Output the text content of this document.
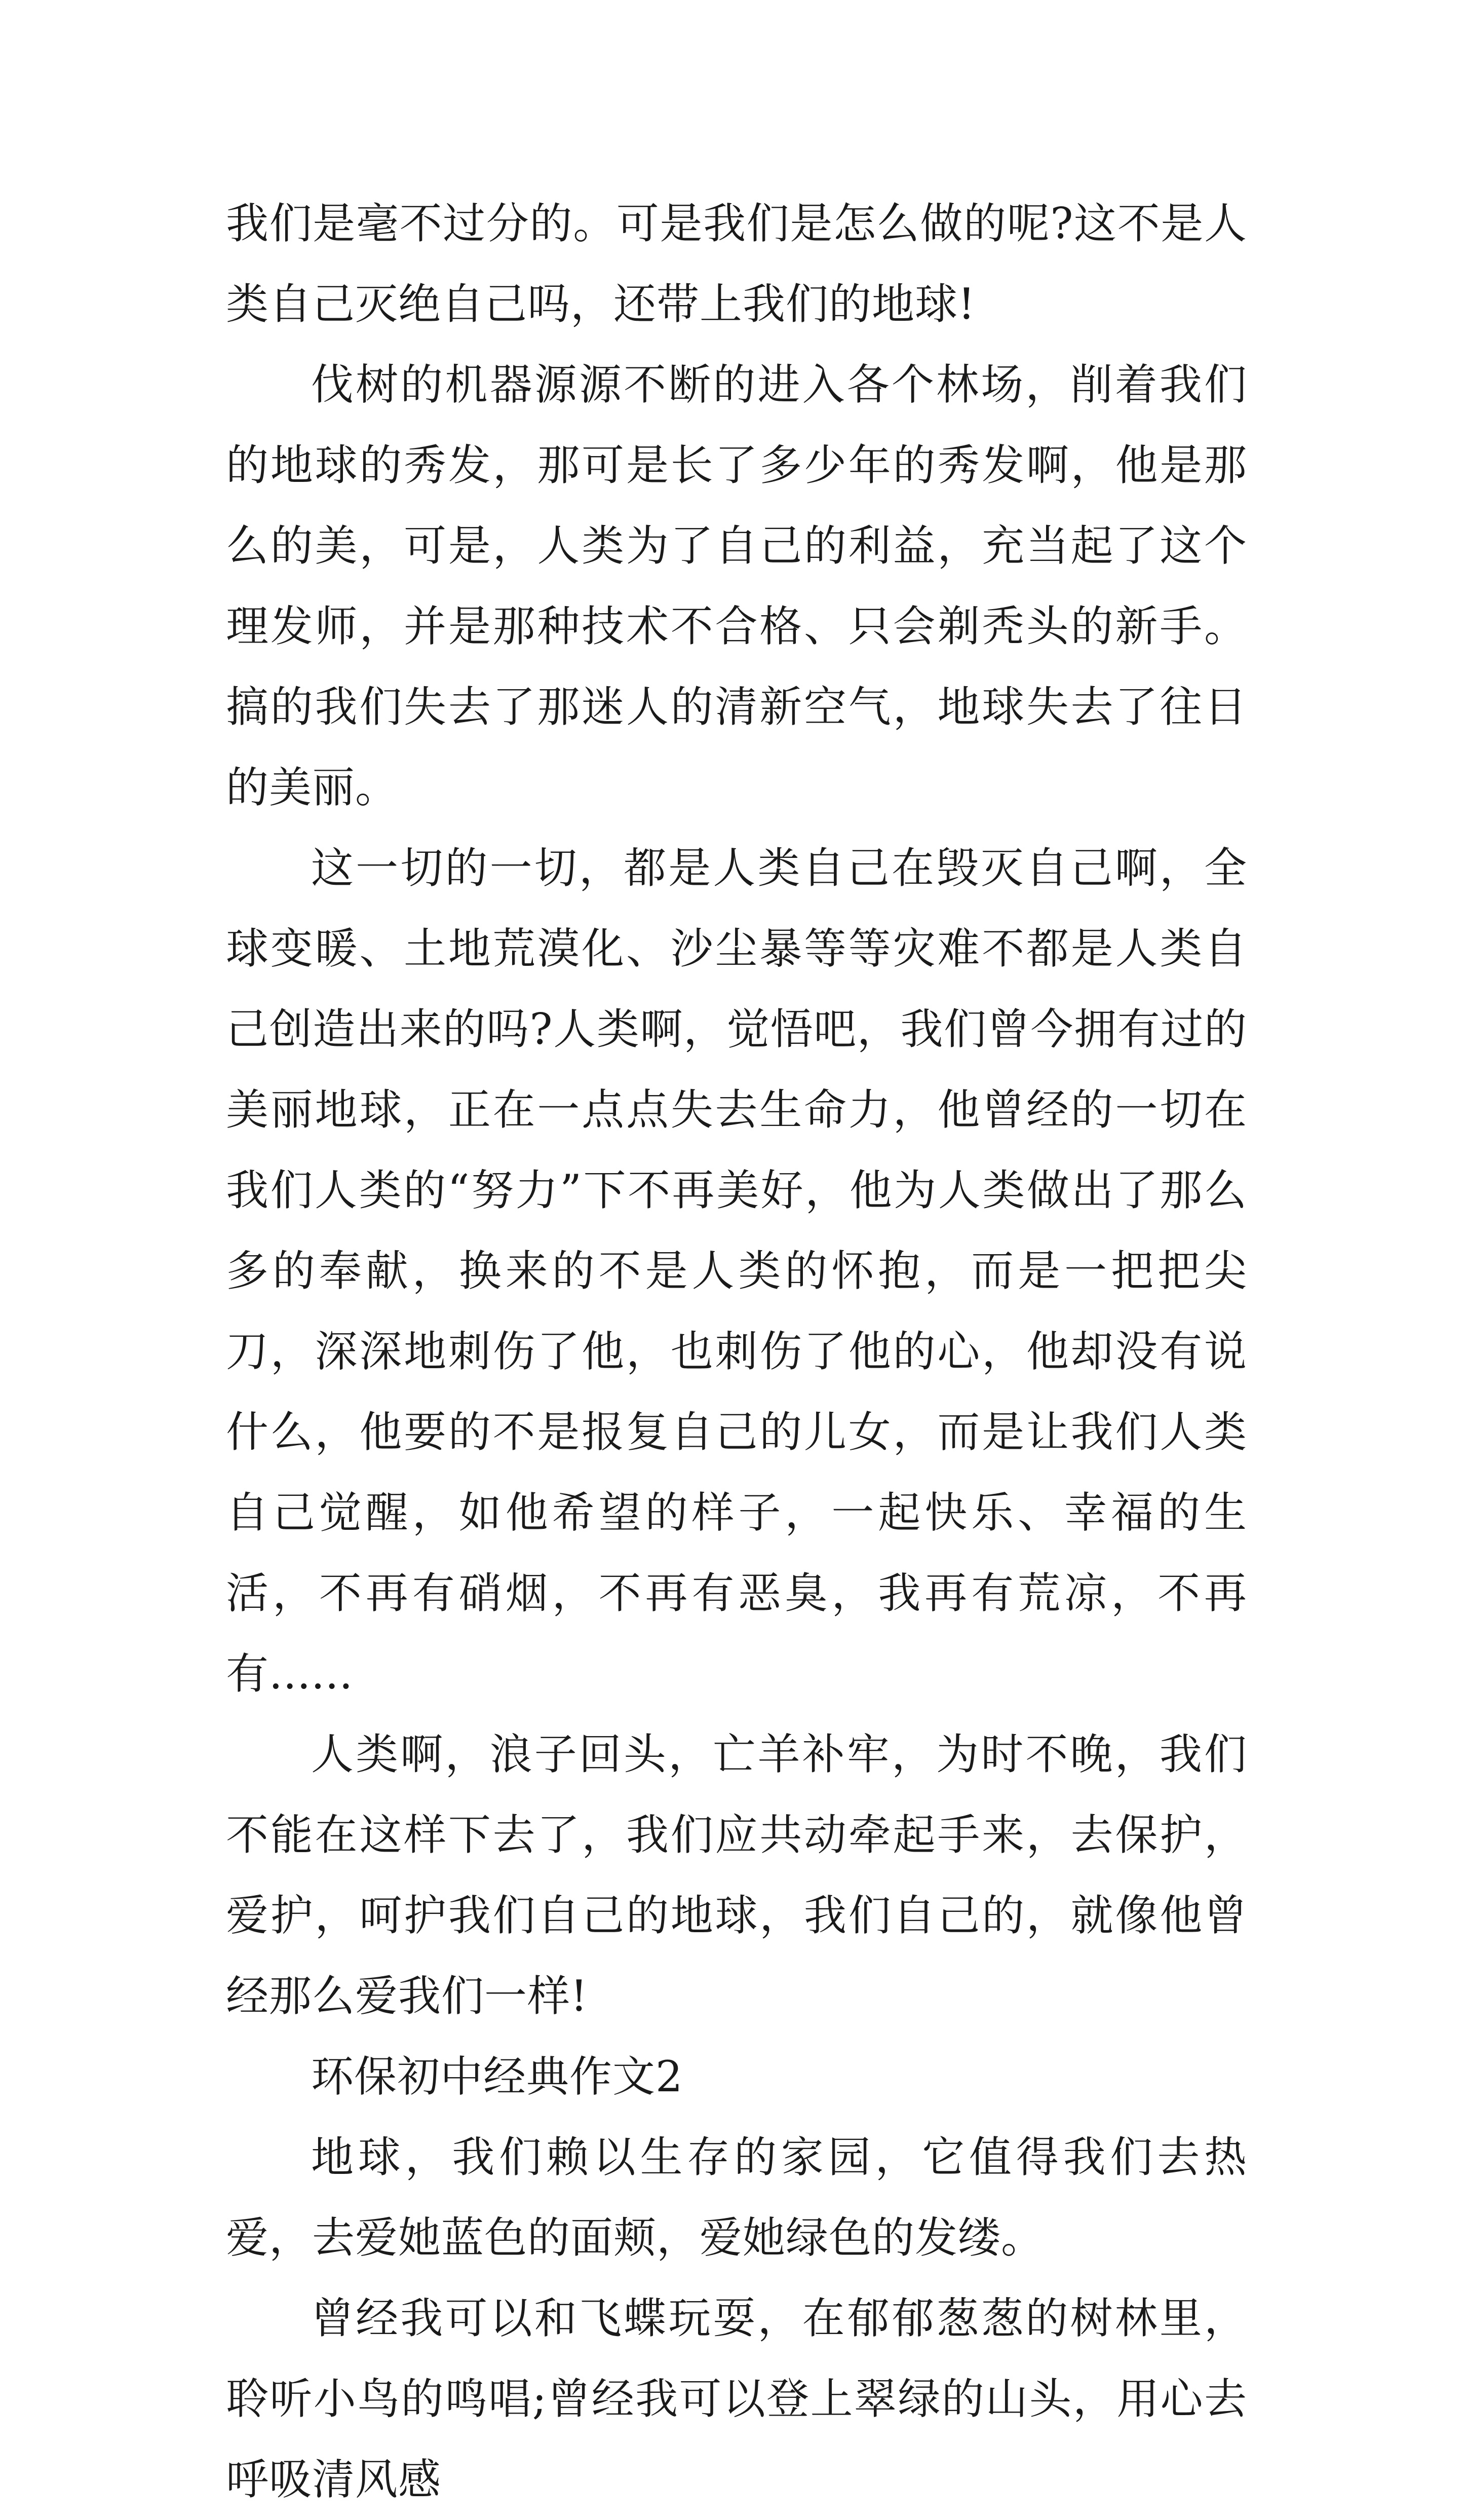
我们是毫不过分的。可是我们是怎么做的呢?这不是人类自己灭绝自己吗，还带上我们的地球!

伐树的机器源源不断的进入各个林场，削着我们的地球的秀发，那可是长了多少年的秀发啊，他是那么的美，可是，人类为了自己的利益，充当起了这个理发师，并是那种技术不合格、只会剃秃头的新手。搞的我们失去了那迷人的清新空气，地球失去了往日的美丽。

这一切的一切，都是人类自己在毁灭自己啊，全球变暖、土地荒漠化、沙尘暴等等灾难不都是人类自己创造出来的吗?人类啊，觉悟吧，我们曾今拥有过的美丽地球，正在一点点失去生命力，他曾经的一切在我们人类的“努力”下不再美好，他为人类做出了那么多的奉献，换来的不是人类的怀抱，而是一把把尖刀，深深地刺伤了他，也刺伤了他的心，他却没有说什么，他要的不是报复自己的儿女，而是让我们人类自己觉醒，如他希望的样子，一起快乐、幸福的生活，不再有硝烟，不再有恶臭，我再有荒凉，不再有......

人类啊，浪子回头，亡羊补牢，为时不晚，我们不能在这样下去了，我们应共动牵起手来，去保护，爱护，呵护我们自己的地球，我们自己的，就像他曾经那么爱我们一样!

环保初中经典作文2

地球，我们赖以生存的家园，它值得我们去热爱，去爱她蓝色的面颊，爱她绿色的发缕。

曾经我可以和飞蝶玩耍，在郁郁葱葱的树林里，聆听小鸟的鸣唱;曾经我可以登上翠绿的山头，用心去呼吸清风感
